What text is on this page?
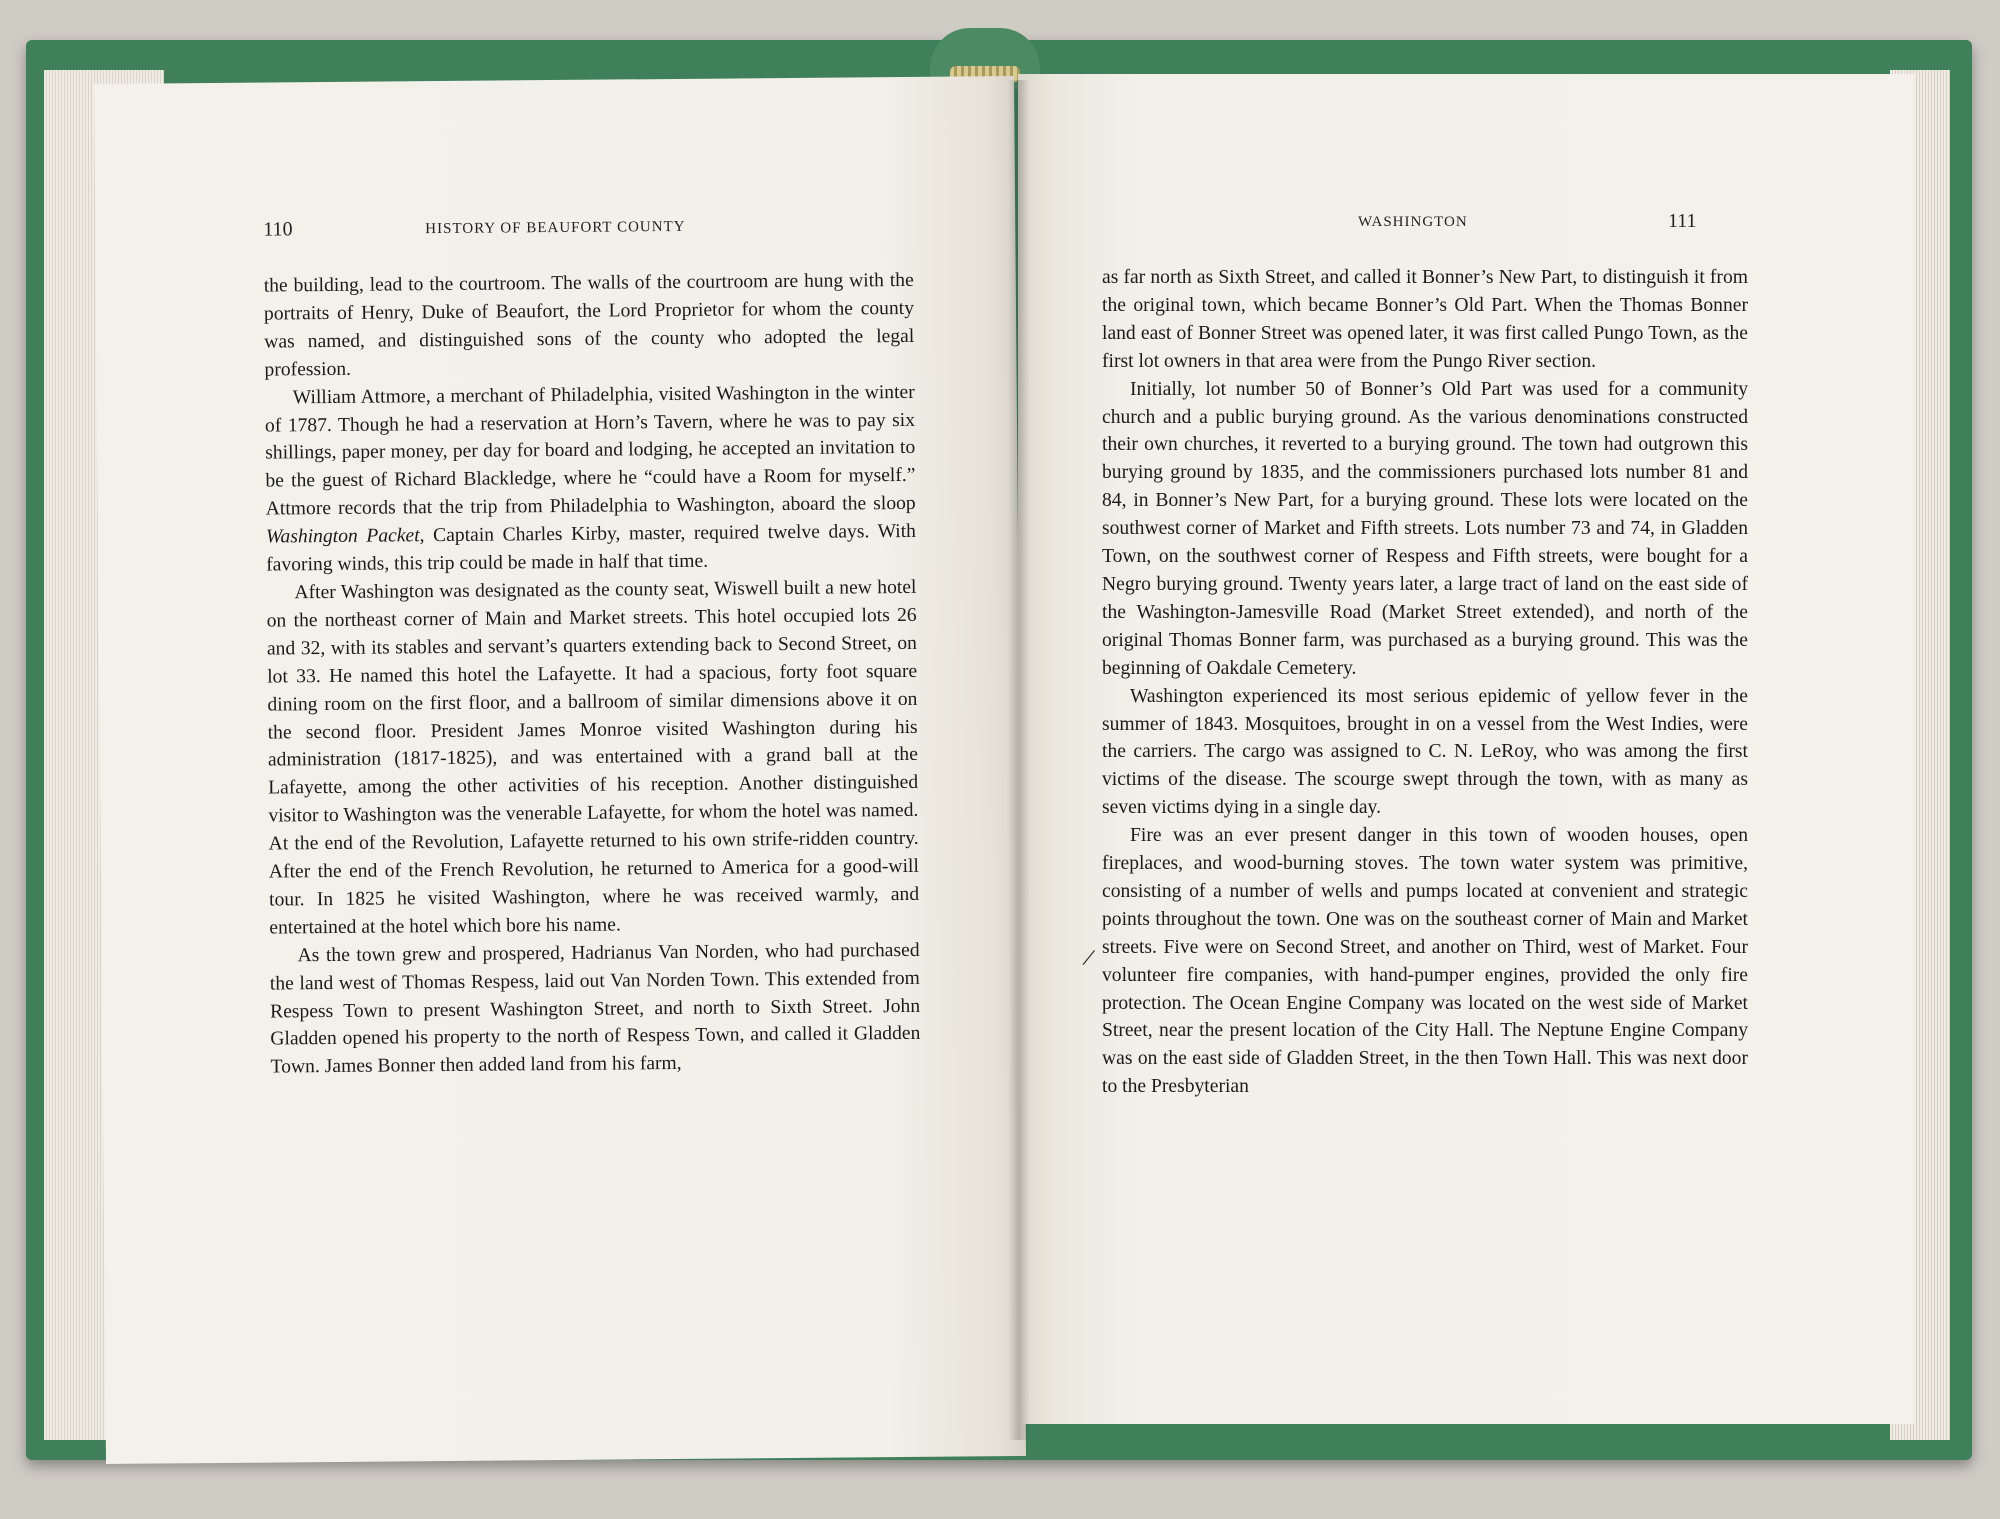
110	HISTORY OF BEAUFORT COUNTY

the building, lead to the courtroom. The walls of the courtroom are hung with the portraits of Henry, Duke of Beaufort, the Lord Proprietor for whom the county was named, and distinguished sons of the county who adopted the legal profession.

William Attmore, a merchant of Philadelphia, visited Washington in the winter of 1787. Though he had a reservation at Horn’s Tavern, where he was to pay six shillings, paper money, per day for board and lodging, he accepted an invitation to be the guest of Richard Blackledge, where he “could have a Room for myself.” Attmore records that the trip from Philadelphia to Washington, aboard the sloop Washington Packet, Captain Charles Kirby, master, required twelve days. With favoring winds, this trip could be made in half that time.

After Washington was designated as the county seat, Wiswell built a new hotel on the northeast corner of Main and Market streets. This hotel occupied lots 26 and 32, with its stables and servant’s quarters extending back to Second Street, on lot 33. He named this hotel the Lafayette. It had a spacious, forty foot square dining room on the first floor, and a ballroom of similar dimensions above it on the second floor. President James Monroe visited Washington during his administration (1817-1825), and was entertained with a grand ball at the Lafayette, among the other activities of his reception. Another distinguished visitor to Washington was the venerable Lafayette, for whom the hotel was named. At the end of the Revolution, Lafayette returned to his own strife-ridden country. After the end of the French Revolution, he returned to America for a good-will tour. In 1825 he visited Washington, where he was received warmly, and entertained at the hotel which bore his name.

As the town grew and prospered, Hadrianus Van Norden, who had purchased the land west of Thomas Respess, laid out Van Norden Town. This extended from Respess Town to present Washington Street, and north to Sixth Street. John Gladden opened his property to the north of Respess Town, and called it Gladden Town. James Bonner then added land from his farm,

WASHINGTON	111

as far north as Sixth Street, and called it Bonner’s New Part, to distinguish it from the original town, which became Bonner’s Old Part. When the Thomas Bonner land east of Bonner Street was opened later, it was first called Pungo Town, as the first lot owners in that area were from the Pungo River section.

Initially, lot number 50 of Bonner’s Old Part was used for a community church and a public burying ground. As the various denominations constructed their own churches, it reverted to a burying ground. The town had outgrown this burying ground by 1835, and the commissioners purchased lots number 81 and 84, in Bonner’s New Part, for a burying ground. These lots were located on the southwest corner of Market and Fifth streets. Lots number 73 and 74, in Gladden Town, on the southwest corner of Respess and Fifth streets, were bought for a Negro burying ground. Twenty years later, a large tract of land on the east side of the Washington-Jamesville Road (Market Street extended), and north of the original Thomas Bonner farm, was purchased as a burying ground. This was the beginning of Oakdale Cemetery.

Washington experienced its most serious epidemic of yellow fever in the summer of 1843. Mosquitoes, brought in on a vessel from the West Indies, were the carriers. The cargo was assigned to C. N. LeRoy, who was among the first victims of the disease. The scourge swept through the town, with as many as seven victims dying in a single day.

Fire was an ever present danger in this town of wooden houses, open fireplaces, and wood-burning stoves. The town water system was primitive, consisting of a number of wells and pumps located at convenient and strategic points throughout the town. One was on the southeast corner of Main and Market streets. Five were on Second Street, and another on Third, west of Market. Four volunteer fire companies, with hand-pumper engines, provided the only fire protection. The Ocean Engine Company was located on the west side of Market Street, near the present location of the City Hall. The Neptune Engine Company was on the east side of Gladden Street, in the then Town Hall. This was next door to the Presbyterian

/
